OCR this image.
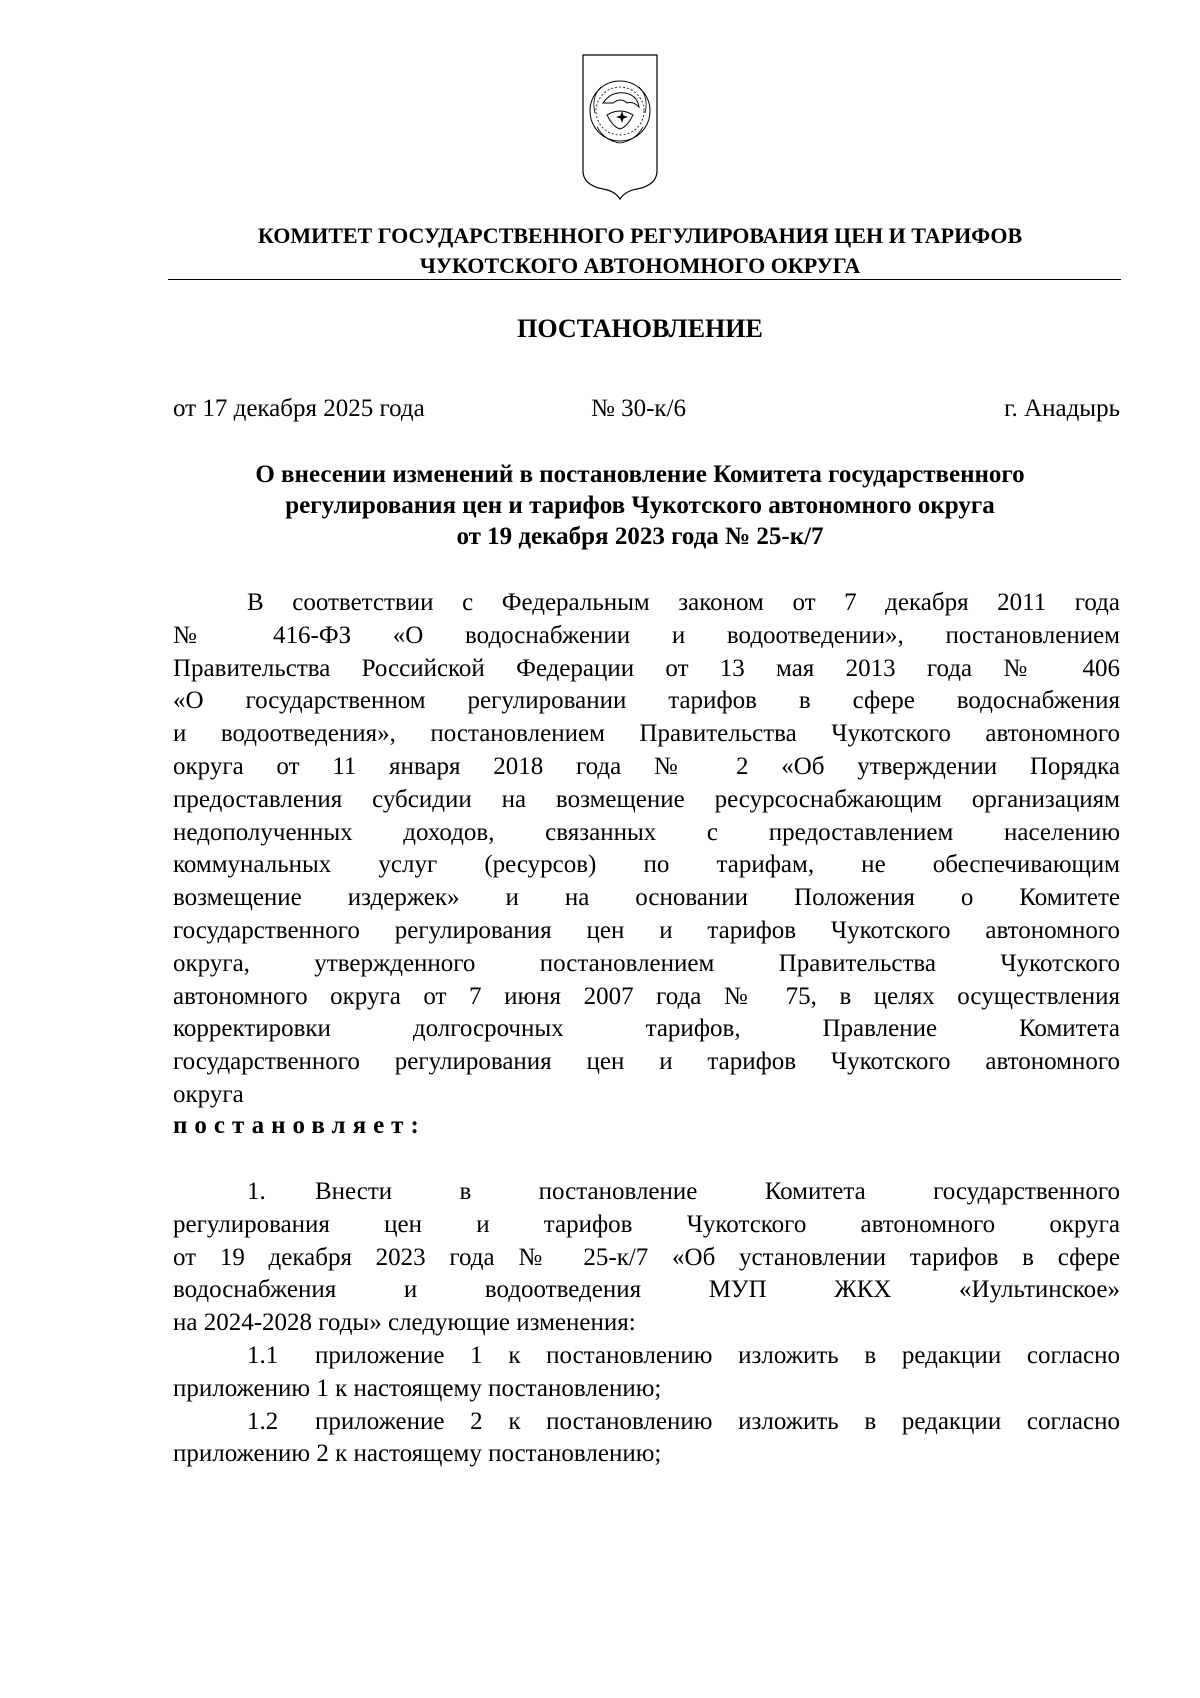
КОМИТЕТ ГОСУДАРСТВЕННОГО РЕГУЛИРОВАНИЯ ЦЕН И ТАРИФОВ
ЧУКОТСКОГО АВТОНОМНОГО ОКРУГА
ПОСТАНОВЛЕНИЕ
от 17 декабря 2025 года	№ 30-к/6	г. Анадырь
О внесении изменений в постановление Комитета государственного
регулирования цен и тарифов Чукотского автономного округа
от 19 декабря 2023 года № 25-к/7
В соответствии с Федеральным законом от 7 декабря 2011 года
№ 416-ФЗ «О водоснабжении и водоотведении», постановлением
Правительства Российской Федерации от 13 мая 2013 года № 406
«О государственном регулировании тарифов в сфере водоснабжения
и водоотведения», постановлением Правительства Чукотского автономного
округа от 11 января 2018 года № 2 «Об утверждении Порядка
предоставления субсидии на возмещение ресурсоснабжающим организациям
недополученных доходов, связанных с предоставлением населению
коммунальных услуг (ресурсов) по тарифам, не обеспечивающим
возмещение издержек» и на основании Положения о Комитете
государственного регулирования цен и тарифов Чукотского автономного
округа, утвержденного постановлением Правительства Чукотского
автономного округа от 7 июня 2007 года № 75, в целях осуществления
корректировки долгосрочных тарифов, Правление Комитета
государственного регулирования цен и тарифов Чукотского автономного
округа
постановляет:
1. Внести в постановление Комитета государственного
регулирования цен и тарифов Чукотского автономного округа
от 19 декабря 2023 года № 25-к/7 «Об установлении тарифов в сфере
водоснабжения и водоотведения МУП ЖКХ «Иультинское»
на 2024-2028 годы» следующие изменения:
1.1 приложение 1 к постановлению изложить в редакции согласно
приложению 1 к настоящему постановлению;
1.2 приложение 2 к постановлению изложить в редакции согласно
приложению 2 к настоящему постановлению;
